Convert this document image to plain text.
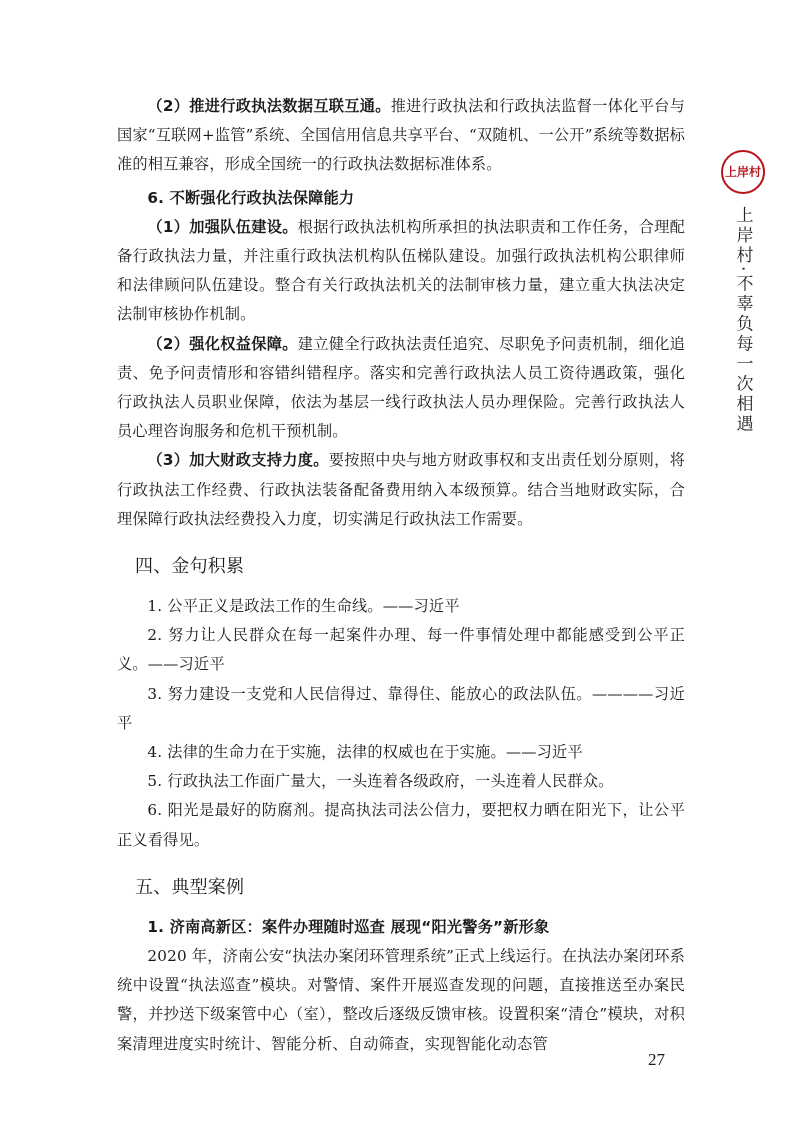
（2）推进行政执法数据互联互通。推进行政执法和行政执法监督一体化平台与国家“互联网+监管”系统、全国信用信息共享平台、“双随机、一公开”系统等数据标准的相互兼容，形成全国统一的行政执法数据标准体系。

6. 不断强化行政执法保障能力

（1）加强队伍建设。根据行政执法机构所承担的执法职责和工作任务，合理配备行政执法力量，并注重行政执法机构队伍梯队建设。加强行政执法机构公职律师和法律顾问队伍建设。整合有关行政执法机关的法制审核力量，建立重大执法决定法制审核协作机制。

（2）强化权益保障。建立健全行政执法责任追究、尽职免予问责机制，细化追责、免予问责情形和容错纠错程序。落实和完善行政执法人员工资待遇政策，强化行政执法人员职业保障，依法为基层一线行政执法人员办理保险。完善行政执法人员心理咨询服务和危机干预机制。

（3）加大财政支持力度。要按照中央与地方财政事权和支出责任划分原则，将行政执法工作经费、行政执法装备配备费用纳入本级预算。结合当地财政实际，合理保障行政执法经费投入力度，切实满足行政执法工作需要。

四、金句积累

1. 公平正义是政法工作的生命线。——习近平

2. 努力让人民群众在每一起案件办理、每一件事情处理中都能感受到公平正义。——习近平

3. 努力建设一支党和人民信得过、靠得住、能放心的政法队伍。————习近平

4. 法律的生命力在于实施，法律的权威也在于实施。——习近平

5. 行政执法工作面广量大，一头连着各级政府，一头连着人民群众。

6. 阳光是最好的防腐剂。提高执法司法公信力，要把权力晒在阳光下，让公平正义看得见。

五、典型案例

1. 济南高新区：案件办理随时巡查 展现“阳光警务”新形象

2020 年，济南公安“执法办案闭环管理系统”正式上线运行。在执法办案闭环系统中设置“执法巡查”模块。对警情、案件开展巡查发现的问题，直接推送至办案民警，并抄送下级案管中心（室），整改后逐级反馈审核。设置积案“清仓”模块，对积案清理进度实时统计、智能分析、自动筛查，实现智能化动态管

上岸村
上岸村·不辜负每一次相遇
27
